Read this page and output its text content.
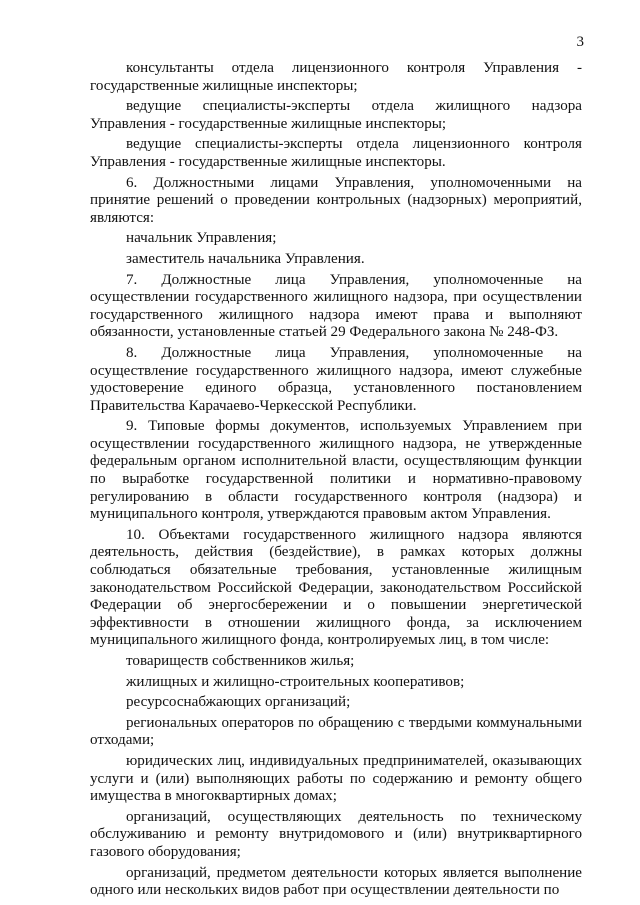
3

консультанты отдела лицензионного контроля Управления - государственные жилищные инспекторы;

ведущие специалисты-эксперты отдела жилищного надзора Управления - государственные жилищные инспекторы;

ведущие специалисты-эксперты отдела лицензионного контроля Управления - государственные жилищные инспекторы.

6. Должностными лицами Управления, уполномоченными на принятие решений о проведении контрольных (надзорных) мероприятий, являются:

начальник Управления;

заместитель начальника Управления.

7. Должностные лица Управления, уполномоченные на осуществлении государственного жилищного надзора, при осуществлении государственного жилищного надзора имеют права и выполняют обязанности, установленные статьей 29 Федерального закона № 248-ФЗ.

8. Должностные лица Управления, уполномоченные на осуществление государственного жилищного надзора, имеют служебные удостоверение единого образца, установленного постановлением Правительства Карачаево-Черкесской Республики.

9. Типовые формы документов, используемых Управлением при осуществлении государственного жилищного надзора, не утвержденные федеральным органом исполнительной власти, осуществляющим функции по выработке государственной политики и нормативно-правовому регулированию в области государственного контроля (надзора) и муниципального контроля, утверждаются правовым актом Управления.

10. Объектами государственного жилищного надзора являются деятельность, действия (бездействие), в рамках которых должны соблюдаться обязательные требования, установленные жилищным законодательством Российской Федерации, законодательством Российской Федерации об энергосбережении и о повышении энергетической эффективности в отношении жилищного фонда, за исключением муниципального жилищного фонда, контролируемых лиц, в том числе:

товариществ собственников жилья;

жилищных и жилищно-строительных кооперативов;

ресурсоснабжающих организаций;

региональных операторов по обращению с твердыми коммунальными отходами;

юридических лиц, индивидуальных предпринимателей, оказывающих услуги и (или) выполняющих работы по содержанию и ремонту общего имущества в многоквартирных домах;

организаций, осуществляющих деятельность по техническому обслуживанию и ремонту внутридомового и (или) внутриквартирного газового оборудования;

организаций, предметом деятельности которых является выполнение одного или нескольких видов работ при осуществлении деятельности по
